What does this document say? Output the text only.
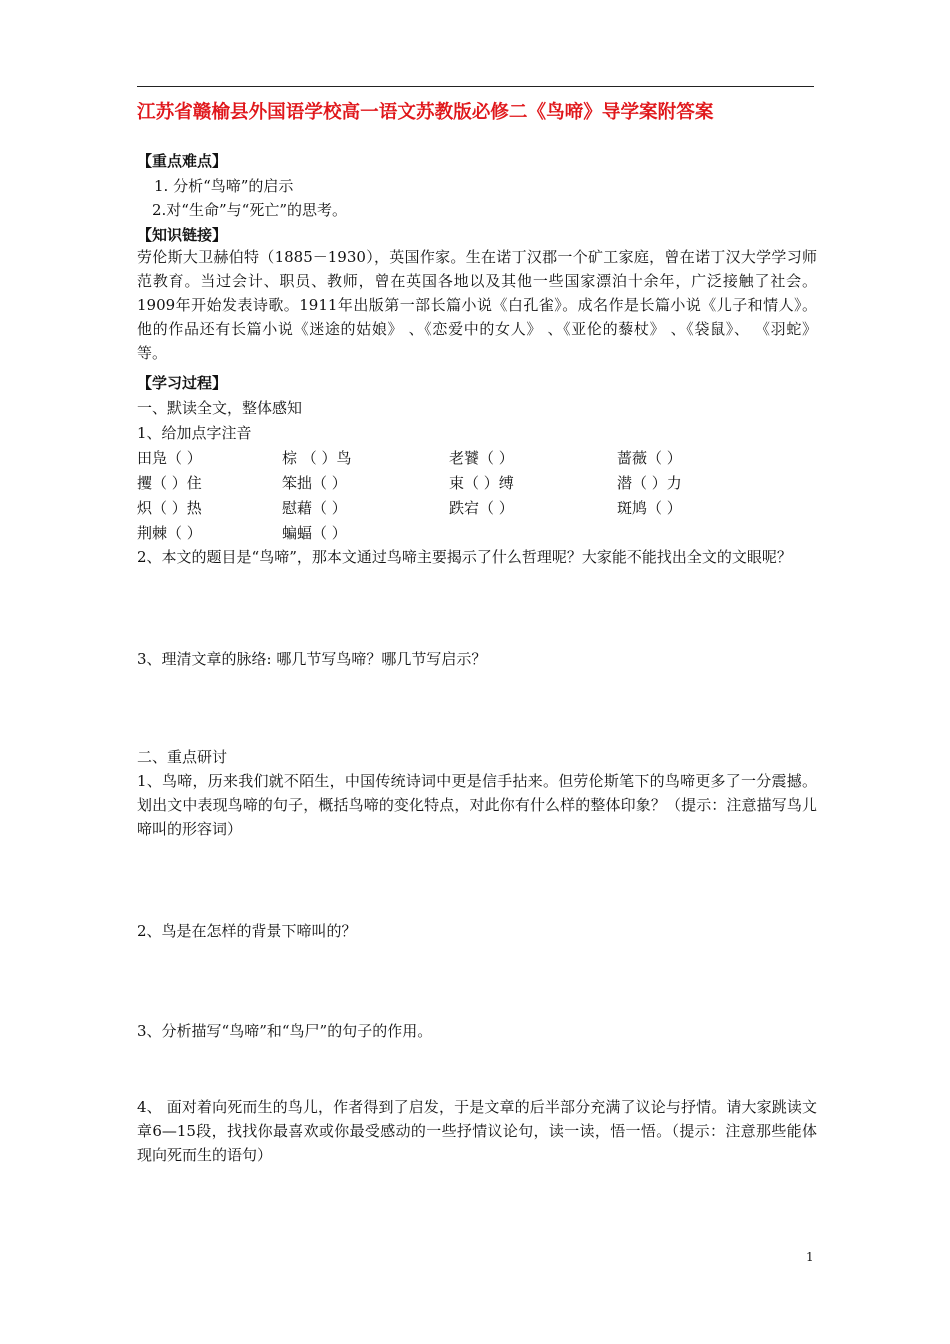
江苏省赣榆县外国语学校高一语文苏教版必修二《鸟啼》导学案附答案
【重点难点】
1. 分析“鸟啼”的启示
2.对“生命”与“死亡”的思考。
【知识链接】
劳伦斯大卫赫伯特（1885－1930），英国作家。生在诺丁汉郡一个矿工家庭，曾在诺丁汉大学学习师范教育。当过会计、职员、教师，曾在英国各地以及其他一些国家漂泊十余年，广泛接触了社会。1909年开始发表诗歌。1911年出版第一部长篇小说《白孔雀》。成名作是长篇小说《儿子和情人》。 他的作品还有长篇小说《迷途的姑娘》 、《恋爱中的女人》 、《亚伦的藜杖》 、《袋鼠》、 《羽蛇》 等。
【学习过程】
一、默读全文，整体感知
1、给加点字注音
田凫（ ）	棕 （ ）鸟	老饕（ ）	蔷薇（ ）
攫（ ）住	笨拙（ ）	束（ ）缚	潜（ ）力
炽（ ）热	慰藉（ ）	跌宕（ ）	斑鸠（ ）
荆棘（ ）	蝙蝠（ ）
2、本文的题目是“鸟啼”，那本文通过鸟啼主要揭示了什么哲理呢？大家能不能找出全文的文眼呢？
3、理清文章的脉络: 哪几节写鸟啼？哪几节写启示？
二、重点研讨
1、鸟啼，历来我们就不陌生，中国传统诗词中更是信手拈来。但劳伦斯笔下的鸟啼更多了一分震撼。划出文中表现鸟啼的句子，概括鸟啼的变化特点，对此你有什么样的整体印象？（提示：注意描写鸟儿啼叫的形容词）
2、鸟是在怎样的背景下啼叫的？
3、分析描写“鸟啼”和“鸟尸”的句子的作用。
4、 面对着向死而生的鸟儿，作者得到了启发，于是文章的后半部分充满了议论与抒情。请大家跳读文章6—15段，找找你最喜欢或你最受感动的一些抒情议论句，读一读，悟一悟。（提示：注意那些能体现向死而生的语句）
1
